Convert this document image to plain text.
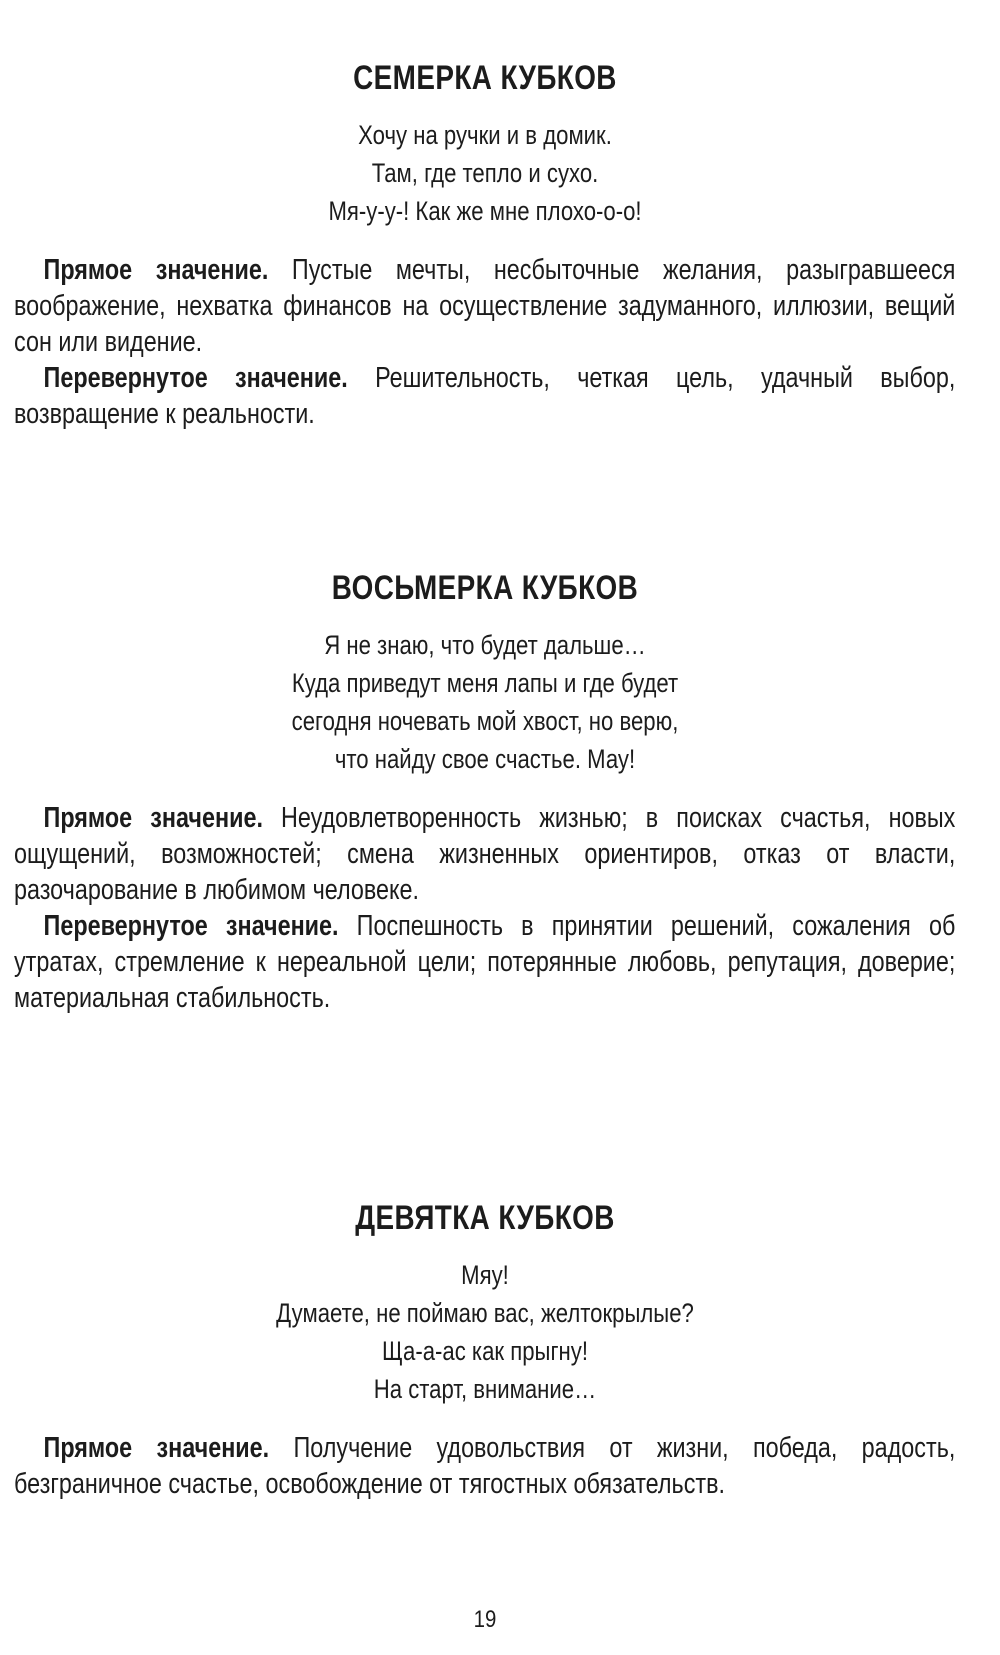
СЕМЕРКА КУБКОВ
Хочу на ручки и в домик.
Там, где тепло и сухо.
Мя-у-у-! Как же мне плохо-о-о!

Прямое значение. Пустые мечты, несбыточные желания, разыгравшееся воображение, нехватка финансов на осуществление задуманного, иллюзии, вещий сон или видение.

Перевернутое значение. Решительность, четкая цель, удачный выбор, возвращение к реальности.

ВОСЬМЕРКА КУБКОВ
Я не знаю, что будет дальше…
Куда приведут меня лапы и где будет
сегодня ночевать мой хвост, но верю,
что найду свое счастье. Мау!

Прямое значение. Неудовлетворенность жизнью; в поисках счастья, новых ощущений, возможностей; смена жизненных ориентиров, отказ от власти, разочарование в любимом человеке.

Перевернутое значение. Поспешность в принятии решений, сожаления об утратах, стремление к нереальной цели; потерянные любовь, репутация, доверие; материальная стабильность.

ДЕВЯТКА КУБКОВ
Мяу!
Думаете, не поймаю вас, желтокрылые?
Ща-а-ас как прыгну!
На старт, внимание…

Прямое значение. Получение удовольствия от жизни, победа, радость, безграничное счастье, освобождение от тягостных обязательств.

19
